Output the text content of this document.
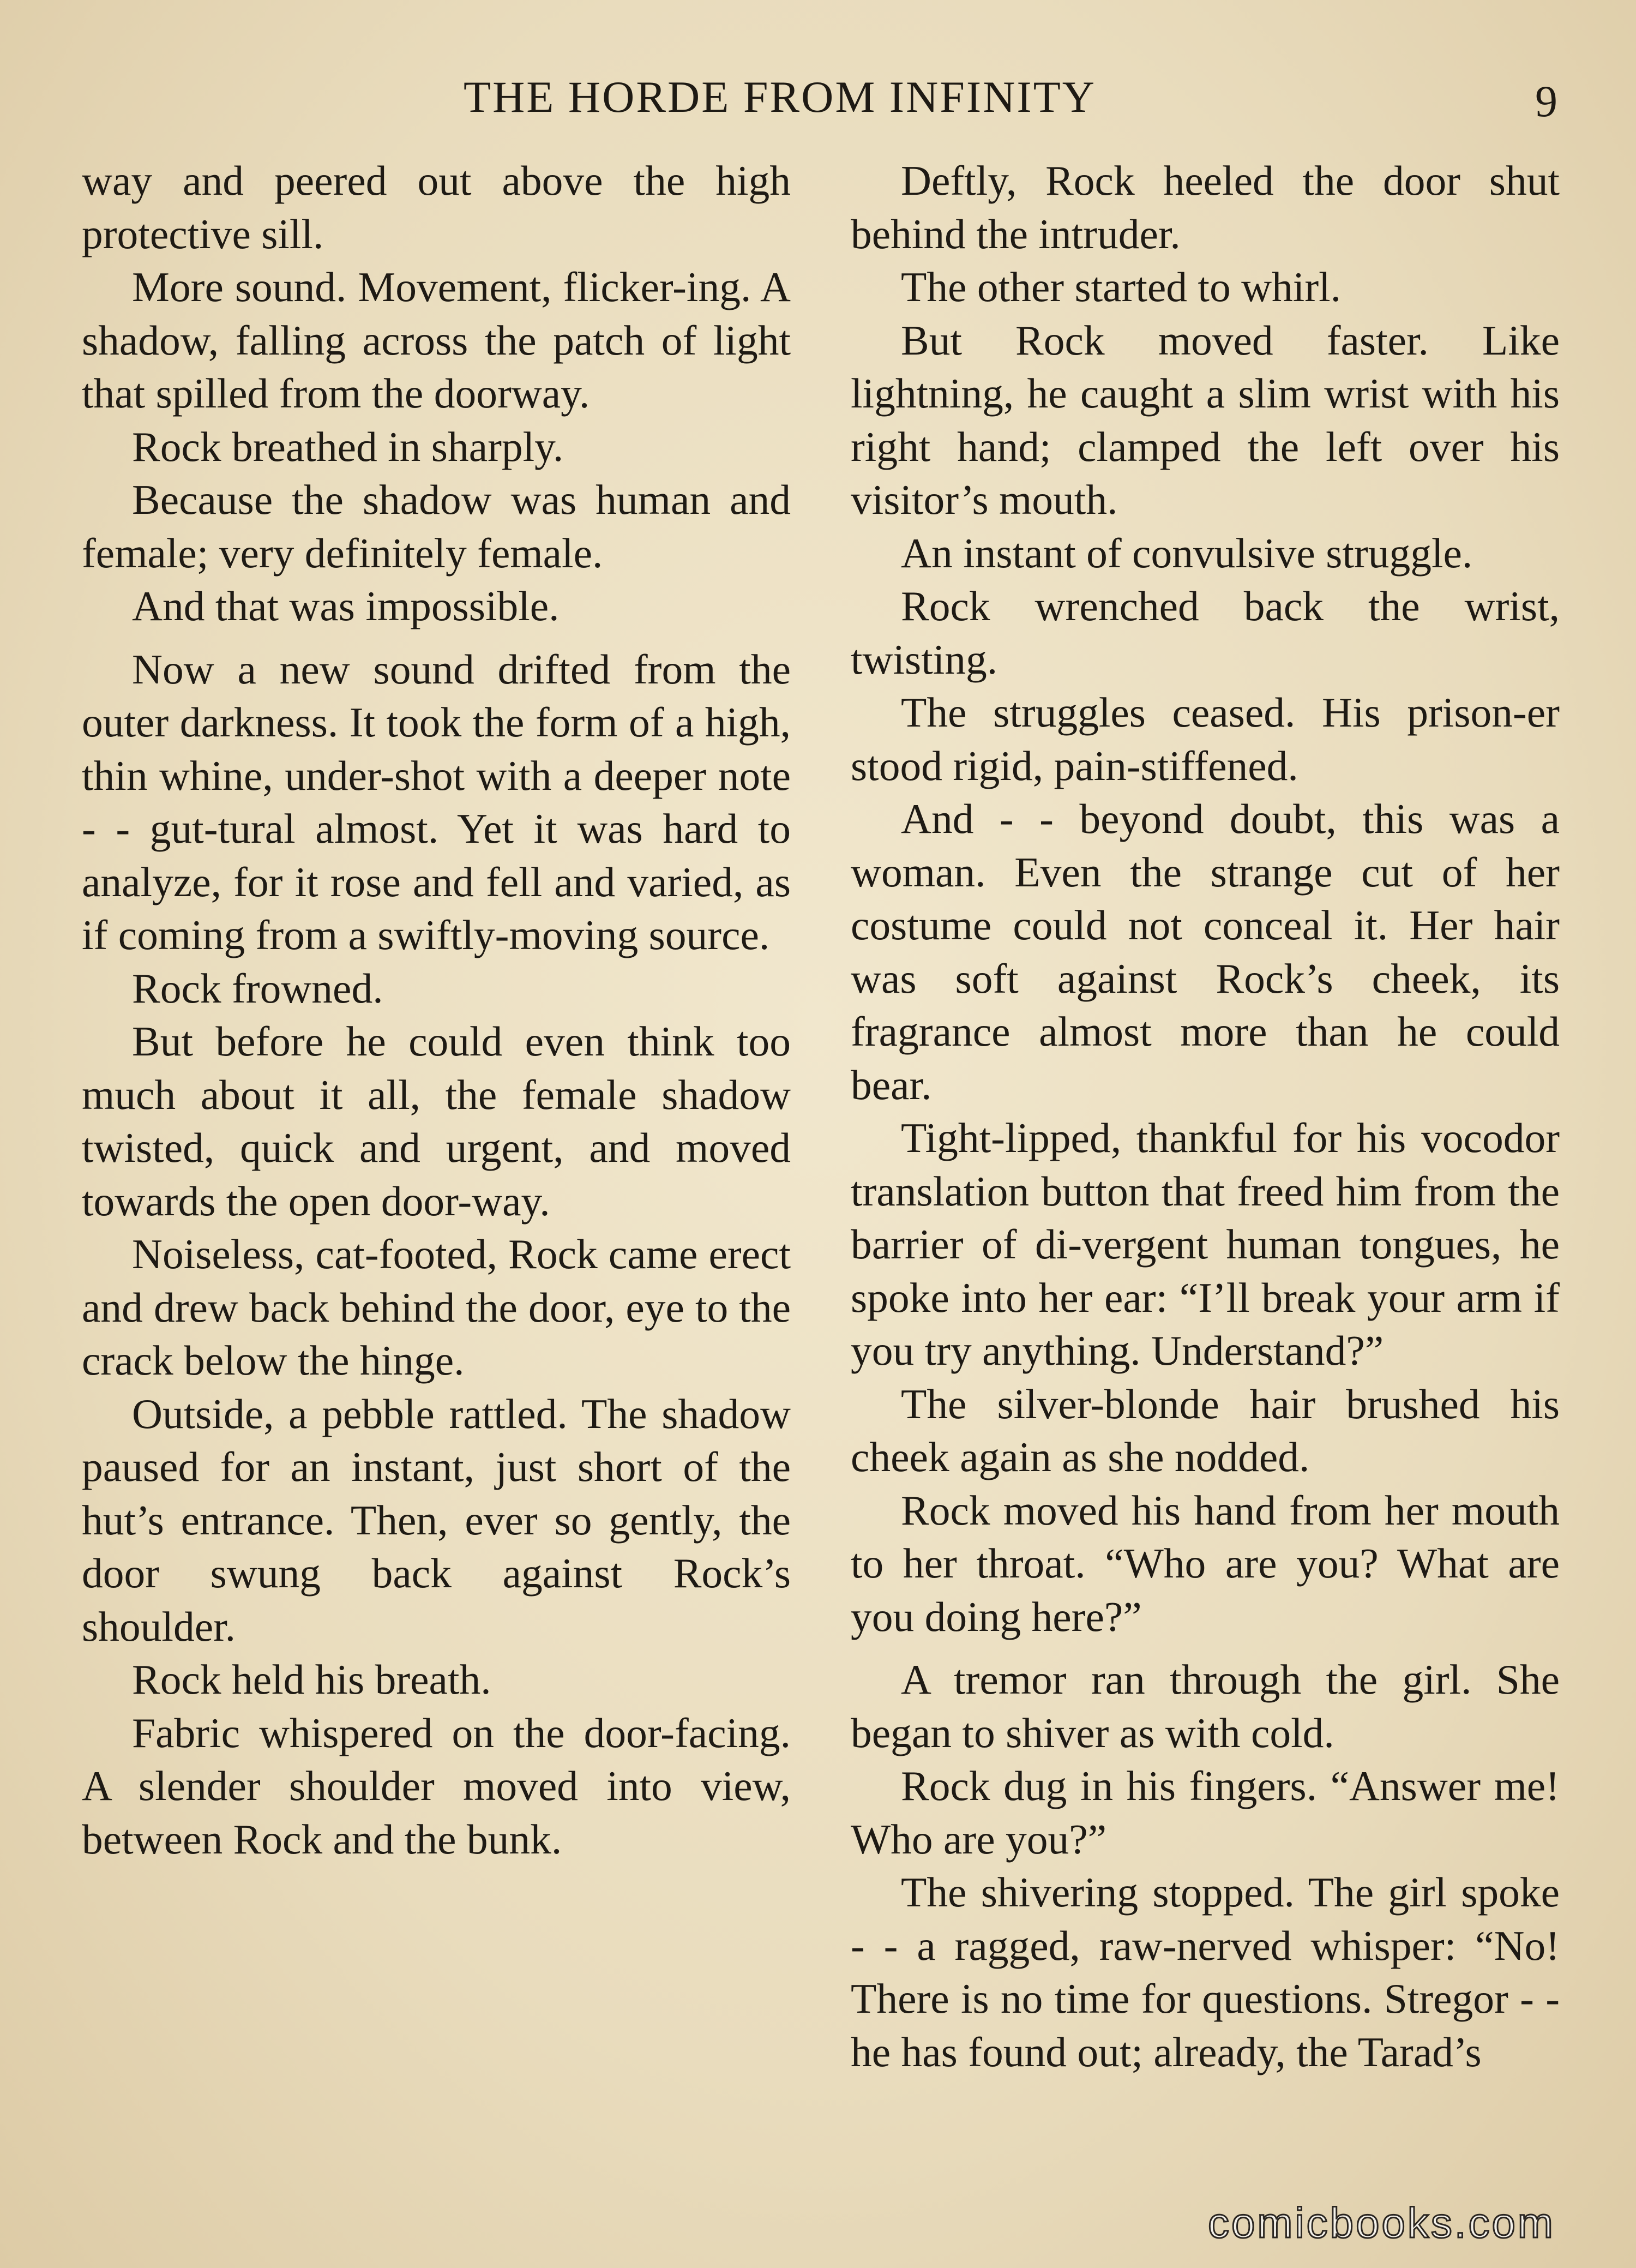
THE HORDE FROM INFINITY	9

way and peered out above the high protective sill.

More sound. Movement, flicker-ing. A shadow, falling across the patch of light that spilled from the doorway.

Rock breathed in sharply.

Because the shadow was human and female; very definitely female.

And that was impossible.

Now a new sound drifted from the outer darkness. It took the form of a high, thin whine, under-shot with a deeper note - - gut-tural almost. Yet it was hard to analyze, for it rose and fell and varied, as if coming from a swiftly-moving source.

Rock frowned.

But before he could even think too much about it all, the female shadow twisted, quick and urgent, and moved towards the open door-way.

Noiseless, cat-footed, Rock came erect and drew back behind the door, eye to the crack below the hinge.

Outside, a pebble rattled. The shadow paused for an instant, just short of the hut’s entrance. Then, ever so gently, the door swung back against Rock’s shoulder.

Rock held his breath.

Fabric whispered on the door-facing. A slender shoulder moved into view, between Rock and the bunk.

Deftly, Rock heeled the door shut behind the intruder.

The other started to whirl.

But Rock moved faster. Like lightning, he caught a slim wrist with his right hand; clamped the left over his visitor’s mouth.

An instant of convulsive struggle.

Rock wrenched back the wrist, twisting.

The struggles ceased. His prison-er stood rigid, pain-stiffened.

And - - beyond doubt, this was a woman. Even the strange cut of her costume could not conceal it. Her hair was soft against Rock’s cheek, its fragrance almost more than he could bear.

Tight-lipped, thankful for his vocodor translation button that freed him from the barrier of di-vergent human tongues, he spoke into her ear: “I’ll break your arm if you try anything. Understand?”

The silver-blonde hair brushed his cheek again as she nodded.

Rock moved his hand from her mouth to her throat. “Who are you? What are you doing here?”

A tremor ran through the girl. She began to shiver as with cold.

Rock dug in his fingers. “Answer me! Who are you?”

The shivering stopped. The girl spoke - - a ragged, raw-nerved whisper: “No! There is no time for questions. Stregor - - he has found out; already, the Tarad’s

comicbooks.com
